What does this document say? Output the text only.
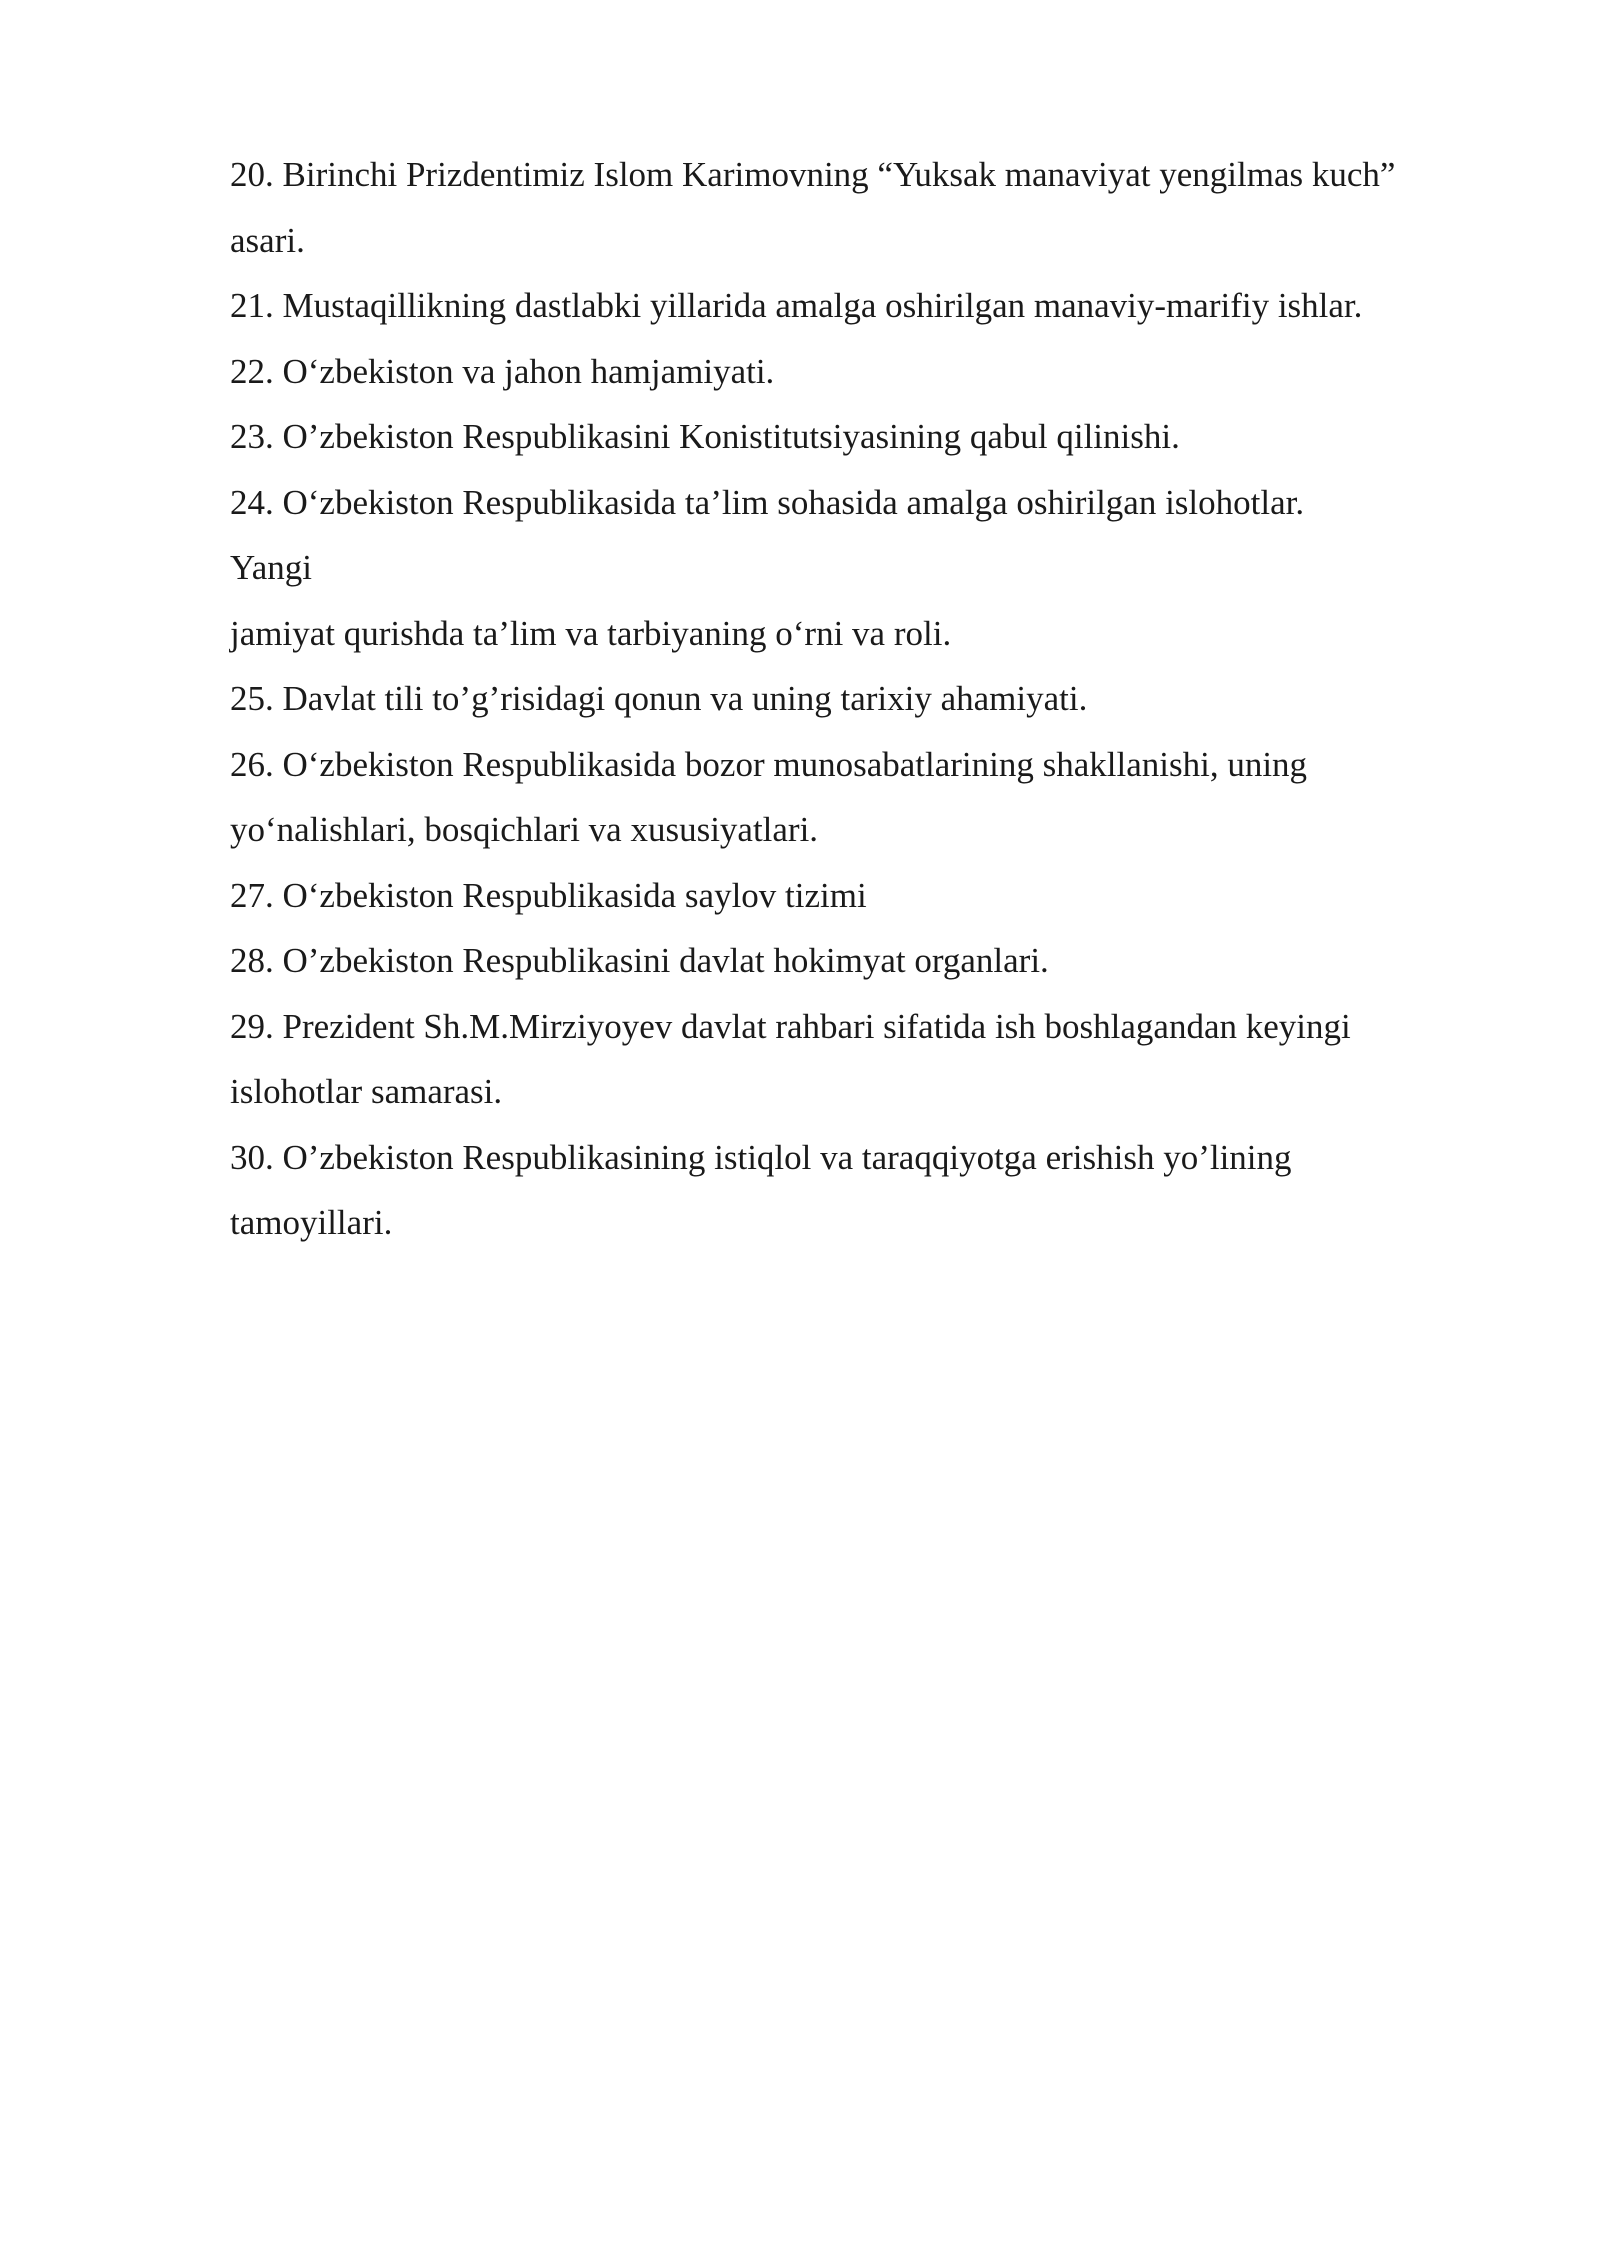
20. Birinchi Prizdentimiz Islom Karimovning “Yuksak manaviyat yengilmas kuch”
asari.
21. Mustaqillikning dastlabki yillarida amalga oshirilgan manaviy-marifiy ishlar.
22. O‘zbekiston va jahon hamjamiyati.
23. O’zbekiston Respublikasini Konistitutsiyasining qabul qilinishi.
24. O‘zbekiston Respublikasida ta’lim sohasida amalga oshirilgan islohotlar.
Yangi
jamiyat qurishda ta’lim va tarbiyaning o‘rni va roli.
25. Davlat tili to’g’risidagi qonun va uning tarixiy ahamiyati.
26. O‘zbekiston Respublikasida bozor munosabatlarining shakllanishi, uning
yo‘nalishlari, bosqichlari va xususiyatlari.
27. O‘zbekiston Respublikasida saylov tizimi
28. O’zbekiston Respublikasini davlat hokimyat organlari.
29. Prezident Sh.M.Mirziyoyev davlat rahbari sifatida ish boshlagandan keyingi
islohotlar samarasi.
30. O’zbekiston Respublikasining istiqlol va taraqqiyotga erishish yo’lining
tamoyillari.
